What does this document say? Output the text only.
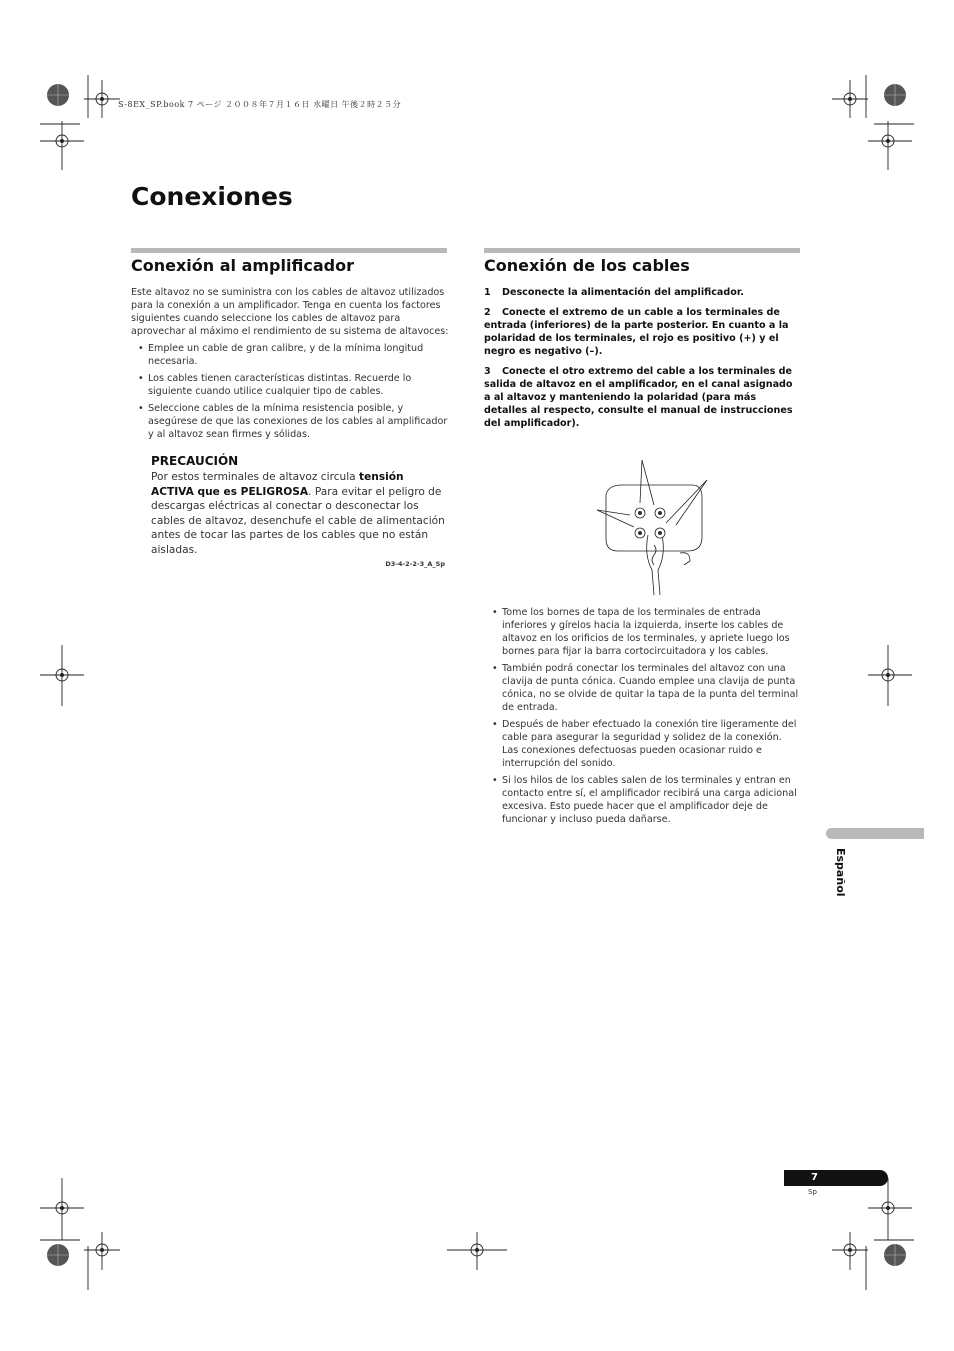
S-8EX_SP.book 7 ページ ２００８年７月１６日 水曜日 午後２時２５分
Conexiones
Conexión al amplificador
Este altavoz no se suministra con los cables de altavoz utilizados para la conexión a un amplificador. Tenga en cuenta los factores siguientes cuando seleccione los cables de altavoz para aprovechar al máximo el rendimiento de su sistema de altavoces:
• Emplee un cable de gran calibre, y de la mínima longitud necesaria.
• Los cables tienen características distintas. Recuerde lo siguiente cuando utilice cualquier tipo de cables.
• Seleccione cables de la mínima resistencia posible, y asegúrese de que las conexiones de los cables al amplificador y al altavoz sean firmes y sólidas.
PRECAUCIÓN
Por estos terminales de altavoz circula tensión ACTIVA que es PELIGROSA. Para evitar el peligro de descargas eléctricas al conectar o desconectar los cables de altavoz, desenchufe el cable de alimentación antes de tocar las partes de los cables que no están aisladas.
D3-4-2-2-3_A_Sp
Conexión de los cables
1 Desconecte la alimentación del amplificador.
2 Conecte el extremo de un cable a los terminales de entrada (inferiores) de la parte posterior. En cuanto a la polaridad de los terminales, el rojo es positivo (+) y el negro es negativo (–).
3 Conecte el otro extremo del cable a los terminales de salida de altavoz en el amplificador, en el canal asignado a al altavoz y manteniendo la polaridad (para más detalles al respecto, consulte el manual de instrucciones del amplificador).
• Tome los bornes de tapa de los terminales de entrada inferiores y gírelos hacia la izquierda, inserte los cables de altavoz en los orificios de los terminales, y apriete luego los bornes para fijar la barra cortocircuitadora y los cables.
• También podrá conectar los terminales del altavoz con una clavija de punta cónica. Cuando emplee una clavija de punta cónica, no se olvide de quitar la tapa de la punta del terminal de entrada.
• Después de haber efectuado la conexión tire ligeramente del cable para asegurar la seguridad y solidez de la conexión. Las conexiones defectuosas pueden ocasionar ruido e interrupción del sonido.
• Si los hilos de los cables salen de los terminales y entran en contacto entre sí, el amplificador recibirá una carga adicional excesiva. Esto puede hacer que el amplificador deje de funcionar y incluso pueda dañarse.
Español
7
Sp
